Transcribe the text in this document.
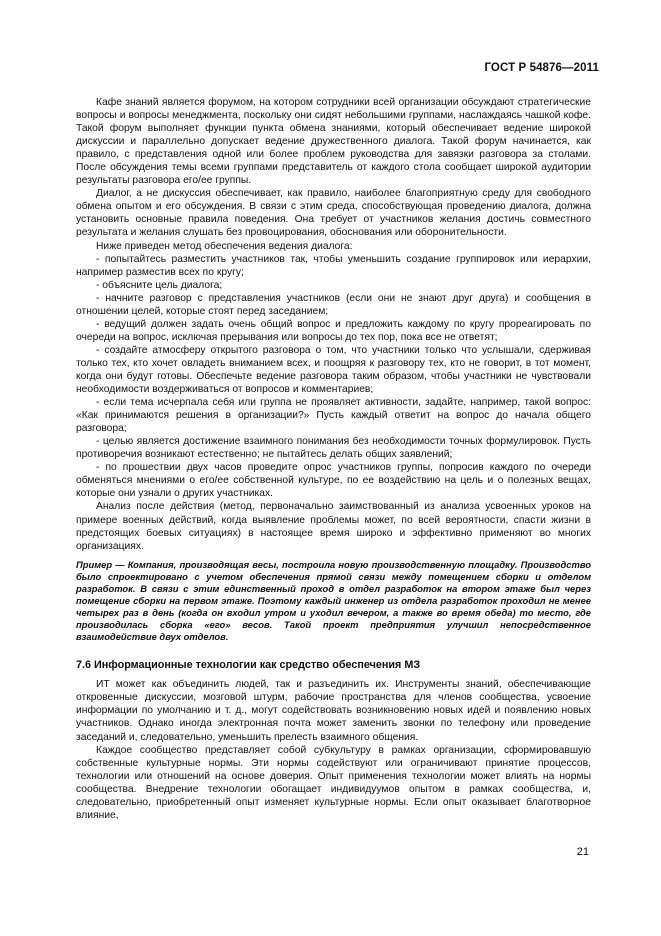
ГОСТ Р 54876—2011

Кафе знаний является форумом, на котором сотрудники всей организации обсуждают стратегические вопросы и вопросы менеджмента, поскольку они сидят небольшими группами, наслаждаясь чашкой кофе. Такой форум выполняет функции пункта обмена знаниями, который обеспечивает ведение широкой дискуссии и параллельно допускает ведение дружественного диалога. Такой форум начинается, как правило, с представления одной или более проблем руководства для завязки разговора за столами. После обсуждения темы всеми группами представитель от каждого стола сообщает широкой аудитории результаты разговора его/ее группы.

Диалог, а не дискуссия обеспечивает, как правило, наиболее благоприятную среду для свободного обмена опытом и его обсуждения. В связи с этим среда, способствующая проведению диалога, должна установить основные правила поведения. Она требует от участников желания достичь совместного результата и желания слушать без провоцирования, обоснования или оборонительности.

Ниже приведен метод обеспечения ведения диалога:

- попытайтесь разместить участников так, чтобы уменьшить создание группировок или иерархии, например разместив всех по кругу;

- объясните цель диалога;

- начните разговор с представления участников (если они не знают друг друга) и сообщения в отношении целей, которые стоят перед заседанием;

- ведущий должен задать очень общий вопрос и предложить каждому по кругу прореагировать по очереди на вопрос, исключая прерывания или вопросы до тех пор, пока все не ответят;

- создайте атмосферу открытого разговора о том, что участники только что услышали, сдерживая только тех, кто хочет овладеть вниманием всех, и поощряя к разговору тех, кто не говорит, в тот момент, когда они будут готовы. Обеспечьте ведение разговора таким образом, чтобы участники не чувствовали необходимости воздерживаться от вопросов и комментариев;

- если тема исчерпала себя или группа не проявляет активности, задайте, например, такой вопрос: «Как принимаются решения в организации?» Пусть каждый ответит на вопрос до начала общего разговора;

- целью является достижение взаимного понимания без необходимости точных формулировок. Пусть противоречия возникают естественно; не пытайтесь делать общих заявлений;

- по прошествии двух часов проведите опрос участников группы, попросив каждого по очереди обменяться мнениями о его/ее собственной культуре, по ее воздействию на цель и о полезных вещах, которые они узнали о других участниках.

Анализ после действия (метод, первоначально заимствованный из анализа усвоенных уроков на примере военных действий, когда выявление проблемы может, по всей вероятности, спасти жизни в предстоящих боевых ситуациях) в настоящее время широко и эффективно применяют во многих организациях.

Пример — Компания, производящая весы, построила новую производственную площадку. Производство было спроектировано с учетом обеспечения прямой связи между помещением сборки и отделом разработок. В связи с этим единственный проход в отдел разработок на втором этаже был через помещение сборки на первом этаже. Поэтому каждый инженер из отдела разработок проходил не менее четырех раз в день (когда он входил утром и уходил вечером, а также во время обеда) то место, где производилась сборка «его» весов. Такой проект предприятия улучшил непосредственное взаимодействие двух отделов.

7.6 Информационные технологии как средство обеспечения МЗ

ИТ может как объединить людей, так и разъединить их. Инструменты знаний, обеспечивающие откровенные дискуссии, мозговой штурм, рабочие пространства для членов сообщества, усвоение информации по умолчанию и т. д., могут содействовать возникновению новых идей и появлению новых участников. Однако иногда электронная почта может заменить звонки по телефону или проведение заседаний и, следовательно, уменьшить прелесть взаимного общения.

Каждое сообщество представляет собой субкультуру в рамках организации, сформировавшую собственные культурные нормы. Эти нормы содействуют или ограничивают принятие процессов, технологии или отношений на основе доверия. Опыт применения технологии может влиять на нормы сообщества. Внедрение технологии обогащает индивидуумов опытом в рамках сообщества, и, следовательно, приобретенный опыт изменяет культурные нормы. Если опыт оказывает благотворное влияние,

21
